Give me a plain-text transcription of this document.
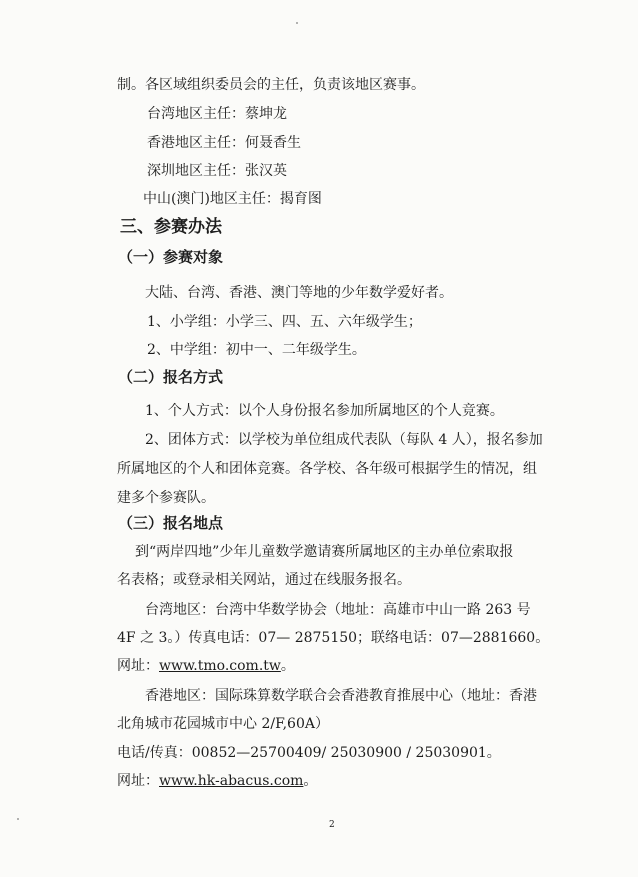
制。各区域组织委员会的主任，负责该地区赛事。
台湾地区主任：蔡坤龙
香港地区主任：何聂香生
深圳地区主任：张汉英
中山(澳门)地区主任：揭育图
三、参赛办法
（一）参赛对象
大陆、台湾、香港、澳门等地的少年数学爱好者。
1、小学组：小学三、四、五、六年级学生；
2、中学组：初中一、二年级学生。
（二）报名方式
1、个人方式：以个人身份报名参加所属地区的个人竞赛。
2、团体方式：以学校为单位组成代表队（每队 4 人），报名参加
所属地区的个人和团体竞赛。各学校、各年级可根据学生的情况，组
建多个参赛队。
（三）报名地点
到“两岸四地”少年儿童数学邀请赛所属地区的主办单位索取报
名表格；或登录相关网站，通过在线服务报名。
台湾地区：台湾中华数学协会（地址：高雄市中山一路 263 号
4F 之 3。）传真电话：07— 2875150；联络电话：07—2881660。
网址：www.tmo.com.tw。
香港地区：国际珠算数学联合会香港教育推展中心（地址：香港
北角城市花园城市中心 2/F,60A）
电话/传真：00852—25700409/ 25030900 / 25030901。
网址：www.hk-abacus.com。
2
